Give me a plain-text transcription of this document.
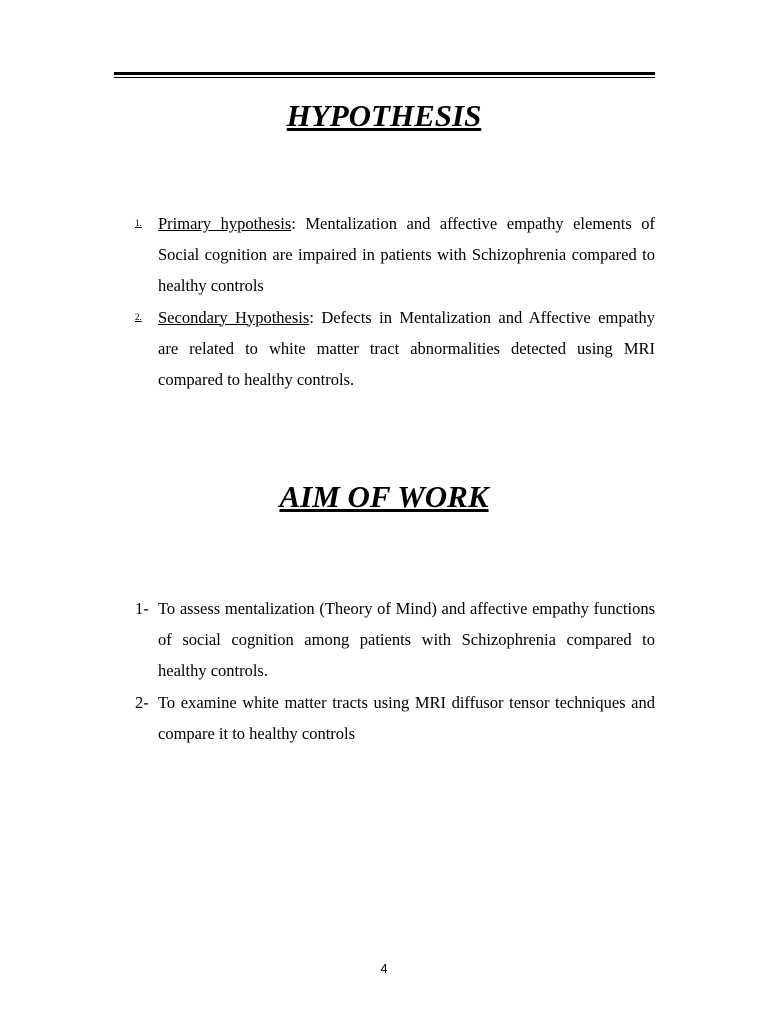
HYPOTHESIS
1. Primary hypothesis: Mentalization and affective empathy elements of Social cognition are impaired in patients with Schizophrenia compared to healthy controls
2. Secondary Hypothesis: Defects in Mentalization and Affective empathy are related to white matter tract abnormalities detected using MRI compared to healthy controls.
AIM OF WORK
1- To assess mentalization (Theory of Mind) and affective empathy functions of social cognition among patients with Schizophrenia compared to healthy controls.
2- To examine white matter tracts using MRI diffusor tensor techniques and compare it to healthy controls
4
